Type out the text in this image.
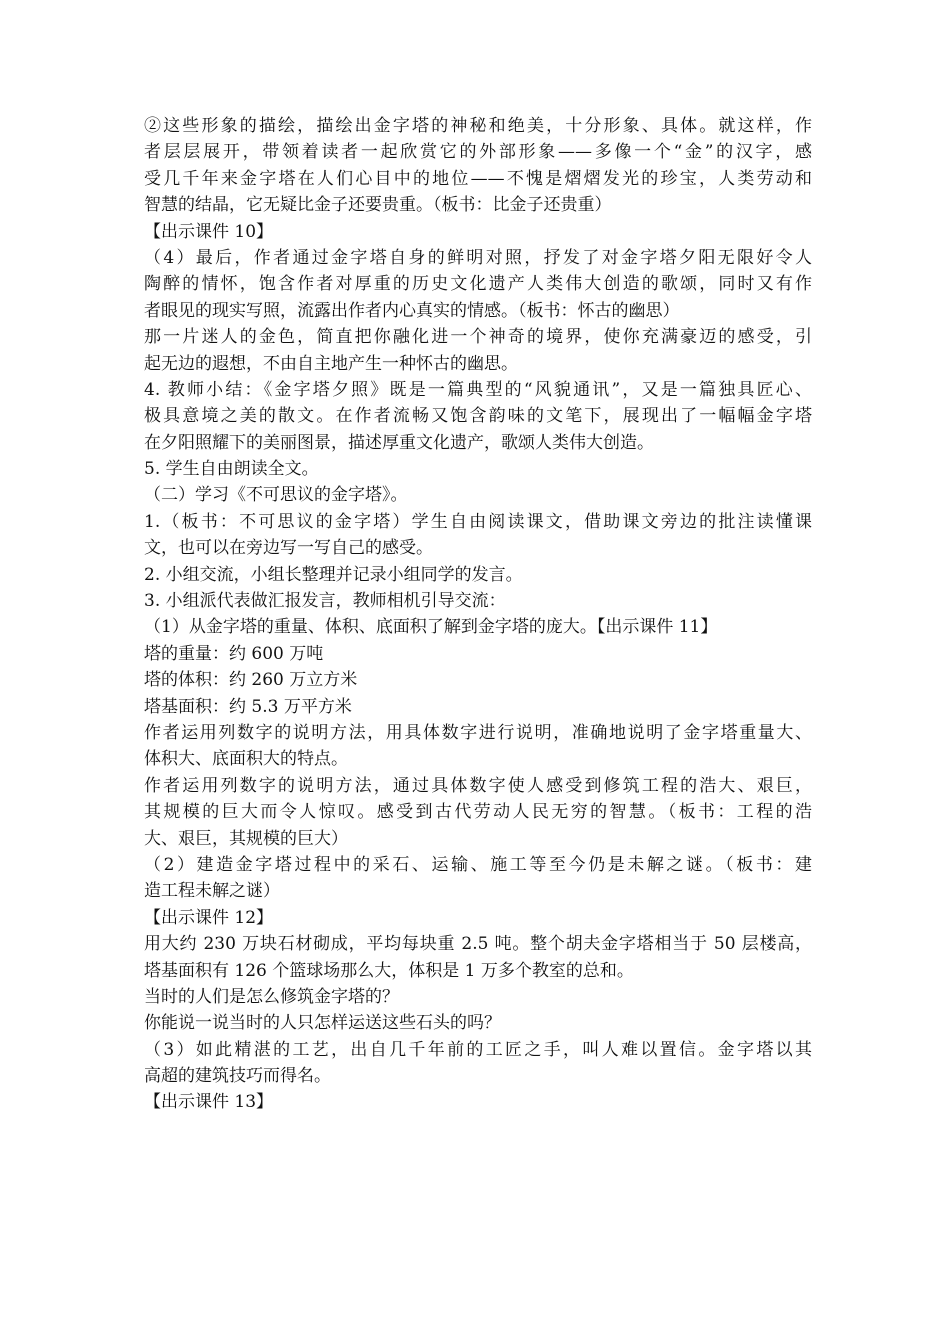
②这些形象的描绘，描绘出金字塔的神秘和绝美，十分形象、具体。就这样，作
者层层展开，带领着读者一起欣赏它的外部形象——多像一个“金”的汉字，感
受几千年来金字塔在人们心目中的地位——不愧是熠熠发光的珍宝，人类劳动和
智慧的结晶，它无疑比金子还要贵重。（板书：比金子还贵重）
【出示课件 10】
（4）最后，作者通过金字塔自身的鲜明对照，抒发了对金字塔夕阳无限好令人
陶醉的情怀，饱含作者对厚重的历史文化遗产人类伟大创造的歌颂，同时又有作
者眼见的现实写照，流露出作者内心真实的情感。（板书：怀古的幽思）
那一片迷人的金色，简直把你融化进一个神奇的境界，使你充满豪迈的感受，引
起无边的遐想，不由自主地产生一种怀古的幽思。
4. 教师小结：《金字塔夕照》既是一篇典型的“风貌通讯”，又是一篇独具匠心、
极具意境之美的散文。在作者流畅又饱含韵味的文笔下，展现出了一幅幅金字塔
在夕阳照耀下的美丽图景，描述厚重文化遗产，歌颂人类伟大创造。
5. 学生自由朗读全文。
（二）学习《不可思议的金字塔》。
1.（板书：不可思议的金字塔）学生自由阅读课文，借助课文旁边的批注读懂课
文，也可以在旁边写一写自己的感受。
2. 小组交流，小组长整理并记录小组同学的发言。
3. 小组派代表做汇报发言，教师相机引导交流：
（1）从金字塔的重量、体积、底面积了解到金字塔的庞大。【出示课件 11】
塔的重量：约 600 万吨
塔的体积：约 260 万立方米
塔基面积：约 5.3 万平方米
作者运用列数字的说明方法，用具体数字进行说明，准确地说明了金字塔重量大、
体积大、底面积大的特点。
作者运用列数字的说明方法，通过具体数字使人感受到修筑工程的浩大、艰巨，
其规模的巨大而令人惊叹。感受到古代劳动人民无穷的智慧。（板书：工程的浩
大、艰巨，其规模的巨大）
（2）建造金字塔过程中的采石、运输、施工等至今仍是未解之谜。（板书：建
造工程未解之谜）
【出示课件 12】
用大约 230 万块石材砌成，平均每块重 2.5 吨。整个胡夫金字塔相当于 50 层楼高，
塔基面积有 126 个篮球场那么大，体积是 1 万多个教室的总和。
当时的人们是怎么修筑金字塔的？
你能说一说当时的人只怎样运送这些石头的吗？
（3）如此精湛的工艺，出自几千年前的工匠之手，叫人难以置信。金字塔以其
高超的建筑技巧而得名。
【出示课件 13】
